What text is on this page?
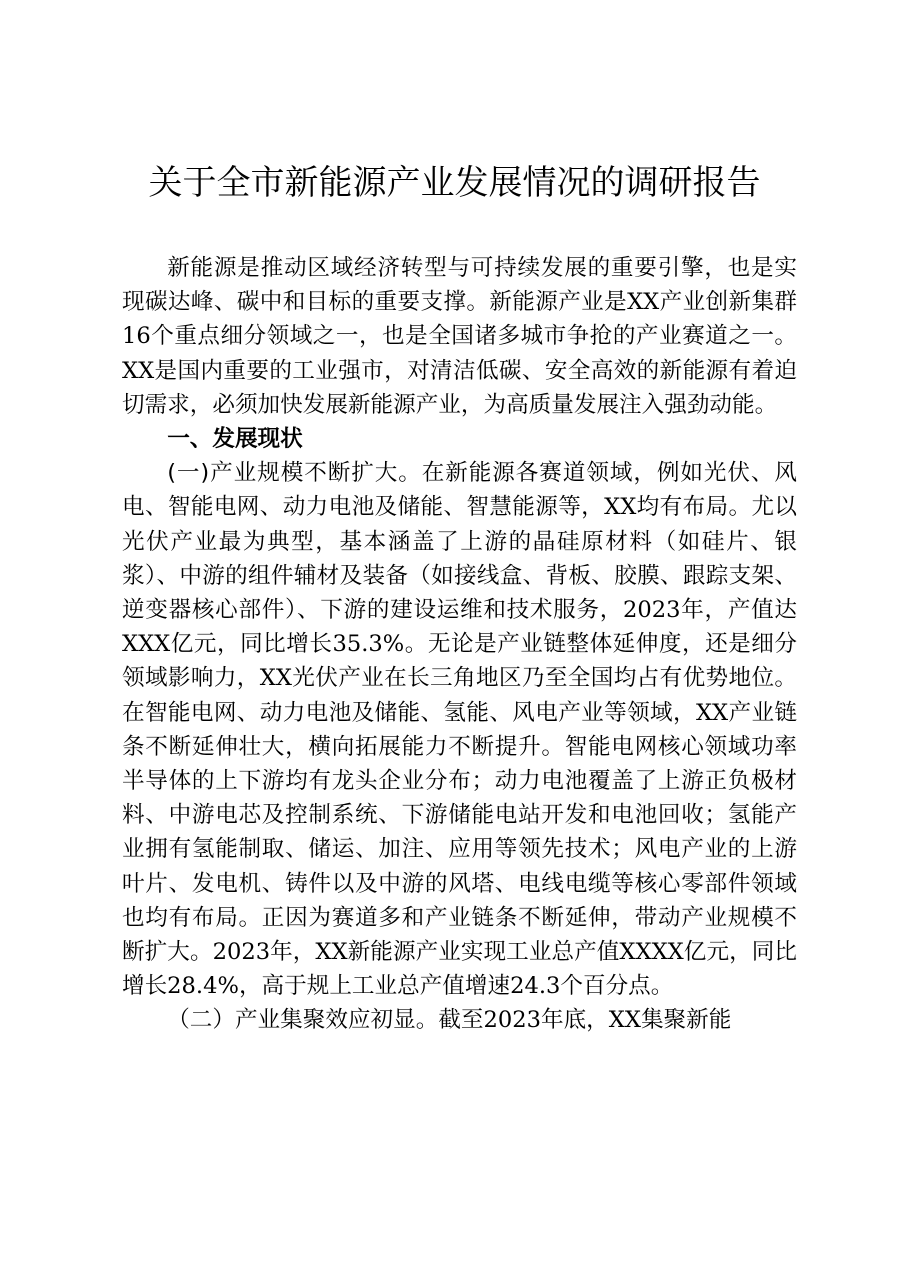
关于全市新能源产业发展情况的调研报告

新能源是推动区域经济转型与可持续发展的重要引擎，也是实现碳达峰、碳中和目标的重要支撑。新能源产业是XX产业创新集群16个重点细分领域之一，也是全国诸多城市争抢的产业赛道之一。XX是国内重要的工业强市，对清洁低碳、安全高效的新能源有着迫切需求，必须加快发展新能源产业，为高质量发展注入强劲动能。

一、发展现状

(一)产业规模不断扩大。在新能源各赛道领域，例如光伏、风电、智能电网、动力电池及储能、智慧能源等，XX均有布局。尤以光伏产业最为典型，基本涵盖了上游的晶硅原材料（如硅片、银浆）、中游的组件辅材及装备（如接线盒、背板、胶膜、跟踪支架、逆变器核心部件）、下游的建设运维和技术服务，2023年，产值达XXX亿元，同比增长35.3%。无论是产业链整体延伸度，还是细分领域影响力，XX光伏产业在长三角地区乃至全国均占有优势地位。在智能电网、动力电池及储能、氢能、风电产业等领域，XX产业链条不断延伸壮大，横向拓展能力不断提升。智能电网核心领域功率半导体的上下游均有龙头企业分布；动力电池覆盖了上游正负极材料、中游电芯及控制系统、下游储能电站开发和电池回收；氢能产业拥有氢能制取、储运、加注、应用等领先技术；风电产业的上游叶片、发电机、铸件以及中游的风塔、电线电缆等核心零部件领域也均有布局。正因为赛道多和产业链条不断延伸，带动产业规模不断扩大。2023年，XX新能源产业实现工业总产值XXXX亿元，同比增长28.4%，高于规上工业总产值增速24.3个百分点。

（二）产业集聚效应初显。截至2023年底，XX集聚新能
